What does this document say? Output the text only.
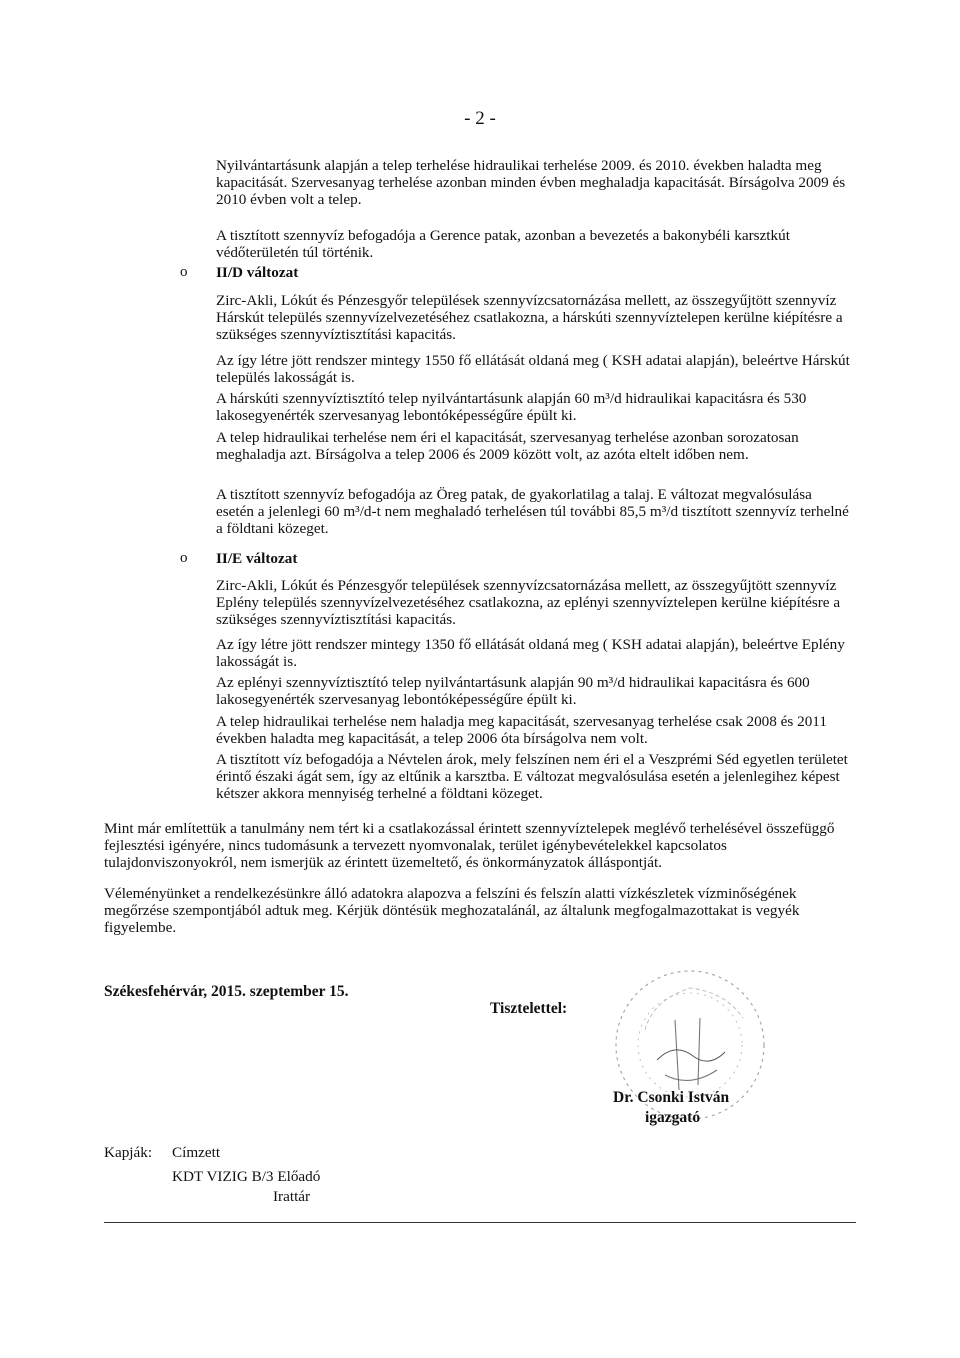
- 2 -

Nyilvántartásunk alapján a telep terhelése hidraulikai terhelése 2009. és 2010. években haladta meg kapacitását. Szervesanyag terhelése azonban minden évben meghaladja kapacitását. Bírságolva 2009 és 2010 évben volt a telep.

A tisztított szennyvíz befogadója a Gerence patak, azonban a bevezetés a bakonybéli karsztkút védőterületén túl történik.

o II/D változat

Zirc-Akli, Lókút és Pénzesgyőr települések szennyvízcsatornázása mellett, az összegyűjtött szennyvíz Hárskút település szennyvízelvezetéséhez csatlakozna, a hárskúti szennyvíztelepen kerülne kiépítésre a szükséges szennyvíztisztítási kapacitás.

Az így létre jött rendszer mintegy 1550 fő ellátását oldaná meg ( KSH adatai alapján), beleértve Hárskút település lakosságát is.

A hárskúti szennyvíztisztító telep nyilvántartásunk alapján 60 m³/d hidraulikai kapacitásra és 530 lakosegyenérték szervesanyag lebontóképességűre épült ki.

A telep hidraulikai terhelése nem éri el kapacitását, szervesanyag terhelése azonban sorozatosan meghaladja azt. Bírságolva a telep 2006 és 2009 között volt, az azóta eltelt időben nem.

A tisztított szennyvíz befogadója az Öreg patak, de gyakorlatilag a talaj. E változat megvalósulása esetén a jelenlegi 60 m³/d-t nem meghaladó terhelésen túl további 85,5 m³/d tisztított szennyvíz terhelné a földtani közeget.

o II/E változat

Zirc-Akli, Lókút és Pénzesgyőr települések szennyvízcsatornázása mellett, az összegyűjtött szennyvíz Eplény település szennyvízelvezetéséhez csatlakozna, az eplényi szennyvíztelepen kerülne kiépítésre a szükséges szennyvíztisztítási kapacitás.

Az így létre jött rendszer mintegy 1350 fő ellátását oldaná meg ( KSH adatai alapján), beleértve Eplény lakosságát is.

Az eplényi szennyvíztisztító telep nyilvántartásunk alapján 90 m³/d hidraulikai kapacitásra és 600 lakosegyenérték szervesanyag lebontóképességűre épült ki.

A telep hidraulikai terhelése nem haladja meg kapacitását, szervesanyag terhelése csak 2008 és 2011 években haladta meg kapacitását, a telep 2006 óta bírságolva nem volt.

A tisztított víz befogadója a Névtelen árok, mely felszínen nem éri el a Veszprémi Séd egyetlen területet érintő északi ágát sem, így az eltűnik a karsztba. E változat megvalósulása esetén a jelenlegihez képest kétszer akkora mennyiség terhelné a földtani közeget.

Mint már említettük a tanulmány nem tért ki a csatlakozással érintett szennyvíztelepek meglévő terhelésével összefüggő fejlesztési igényére, nincs tudomásunk a tervezett nyomvonalak, terület igénybevételekkel kapcsolatos tulajdonviszonyokról, nem ismerjük az érintett üzemeltető, és önkormányzatok álláspontját.

Véleményünket a rendelkezésünkre álló adatokra alapozva a felszíni és felszín alatti vízkészletek vízminőségének megőrzése szempontjából adtuk meg. Kérjük döntésük meghozatalánál, az általunk megfogalmazottakat is vegyék figyelembe.

Székesfehérvár, 2015. szeptember 15.
Tisztelettel:
Dr. Csonki István
igazgató
Kapják: Címzett
KDT VIZIG B/3 Előadó
Irattár
